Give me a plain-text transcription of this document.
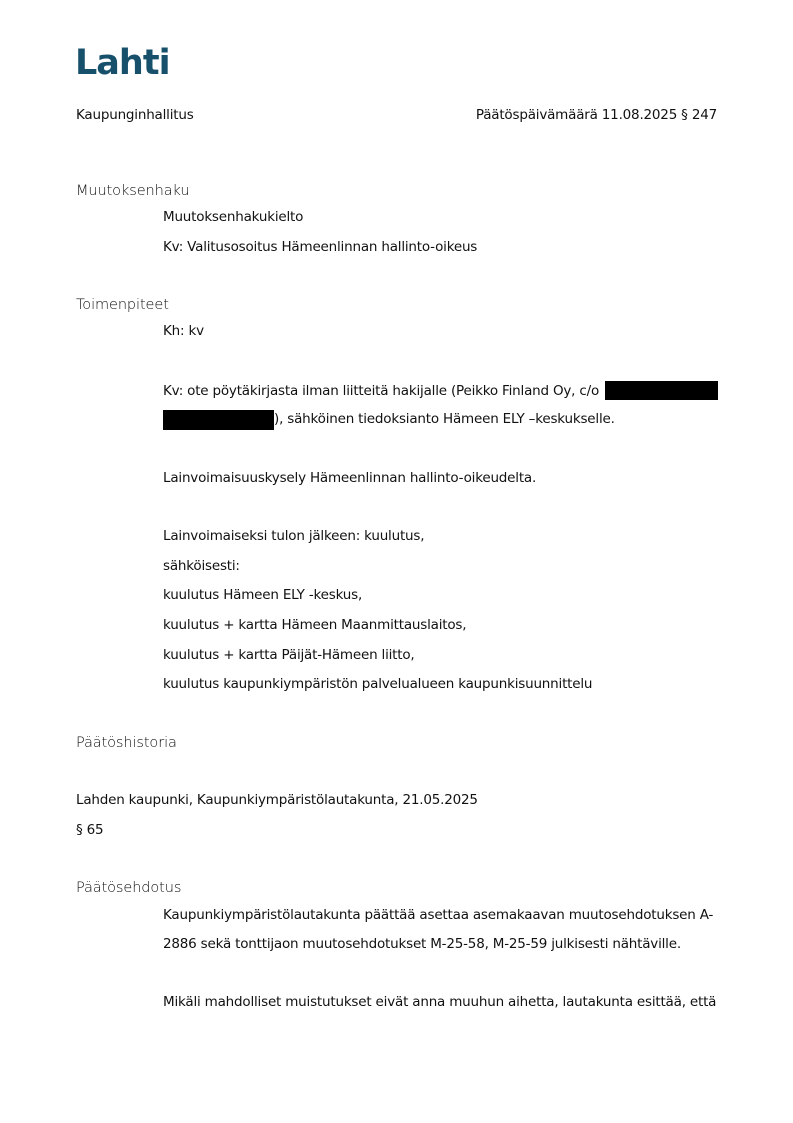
Lahti
Kaupunginhallitus	Päätöspäivämäärä 11.08.2025 § 247
Muutoksenhaku
Muutoksenhakukielto
Kv: Valitusosoitus Hämeenlinnan hallinto-oikeus
Toimenpiteet
Kh: kv
Kv: ote pöytäkirjasta ilman liitteitä hakijalle (Peikko Finland Oy, c/o
), sähköinen tiedoksianto Hämeen ELY –keskukselle.
Lainvoimaisuuskysely Hämeenlinnan hallinto-oikeudelta.
Lainvoimaiseksi tulon jälkeen: kuulutus,
sähköisesti:
kuulutus Hämeen ELY -keskus,
kuulutus + kartta Hämeen Maanmittauslaitos,
kuulutus + kartta Päijät-Hämeen liitto,
kuulutus kaupunkiympäristön palvelualueen kaupunkisuunnittelu
Päätöshistoria
Lahden kaupunki, Kaupunkiympäristölautakunta, 21.05.2025
§ 65
Päätösehdotus
Kaupunkiympäristölautakunta päättää asettaa asemakaavan muutosehdotuksen A-
2886 sekä tonttijaon muutosehdotukset M-25-58, M-25-59 julkisesti nähtäville.
Mikäli mahdolliset muistutukset eivät anna muuhun aihetta, lautakunta esittää, että
